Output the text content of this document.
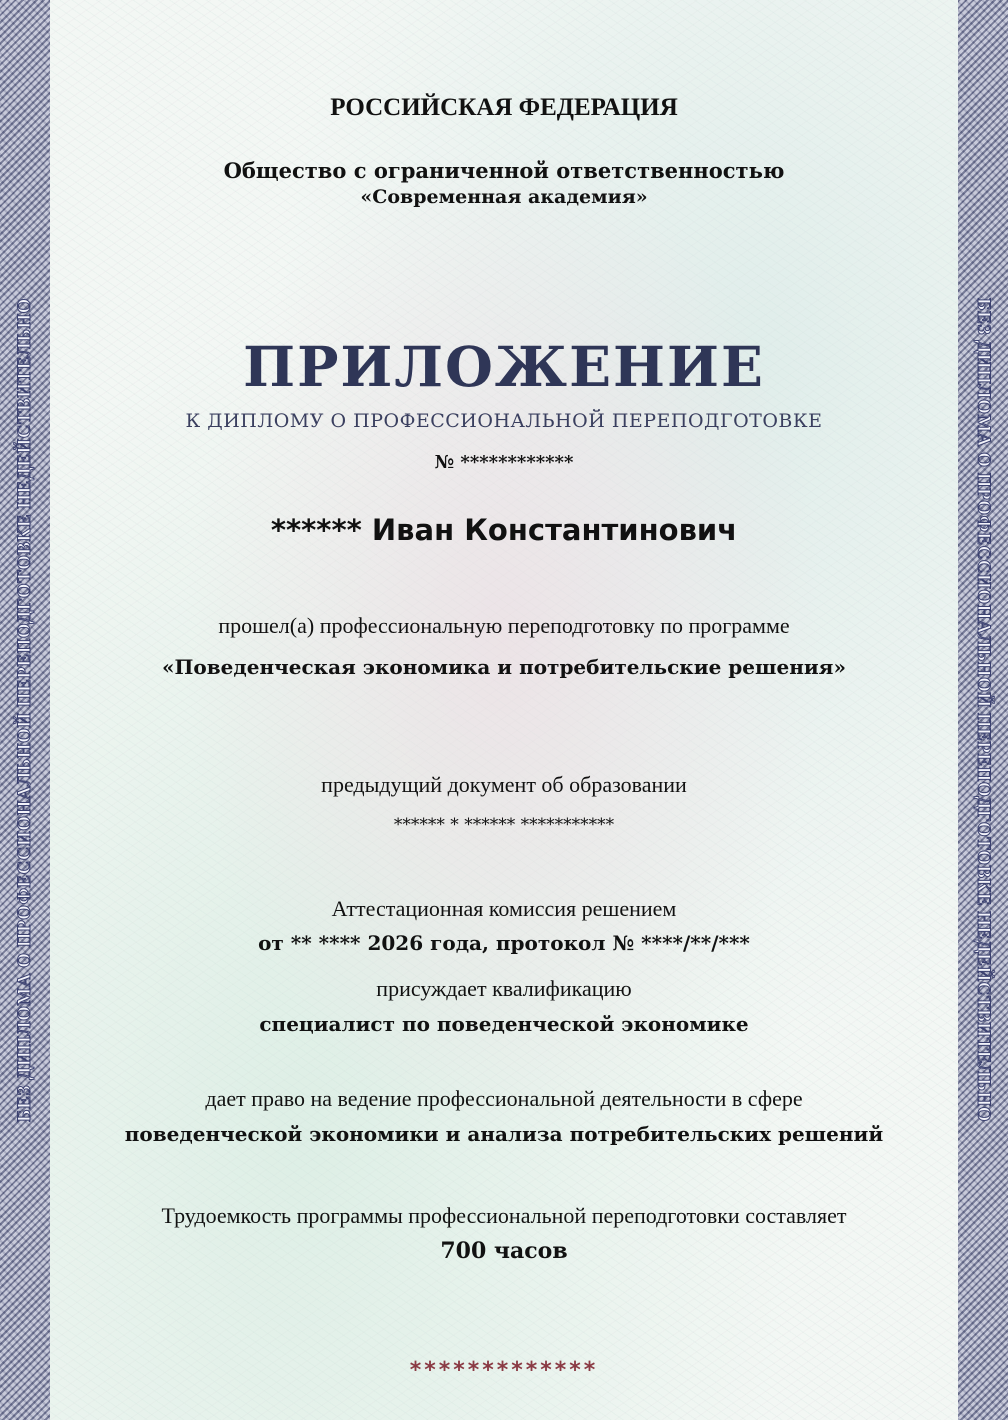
БЕЗ ДИПЛОМА О ПРОФЕССИОНАЛЬНОЙ ПЕРЕПОДГОТОВКЕ НЕДЕЙСТВИТЕЛЬНО	БЕЗ ДИПЛОМА О ПРОФЕССИОНАЛЬНОЙ ПЕРЕПОДГОТОВКЕ НЕДЕЙСТВИТЕЛЬНО
РОССИЙСКАЯ ФЕДЕРАЦИЯ
Общество с ограниченной ответственностью
«Современная академия»
ПРИЛОЖЕНИЕ
К ДИПЛОМУ О ПРОФЕССИОНАЛЬНОЙ ПЕРЕПОДГОТОВКЕ
№ ************
****** Иван Константинович
прошел(а) профессиональную переподготовку по программе
«Поведенческая экономика и потребительские решения»
предыдущий документ об образовании
****** * ****** ***********
Аттестационная комиссия решением
от ** **** 2026 года, протокол № ****/**/***
присуждает квалификацию
специалист по поведенческой экономике
дает право на ведение профессиональной деятельности в сфере
поведенческой экономики и анализа потребительских решений
Трудоемкость программы профессиональной переподготовки составляет
700 часов
*************
